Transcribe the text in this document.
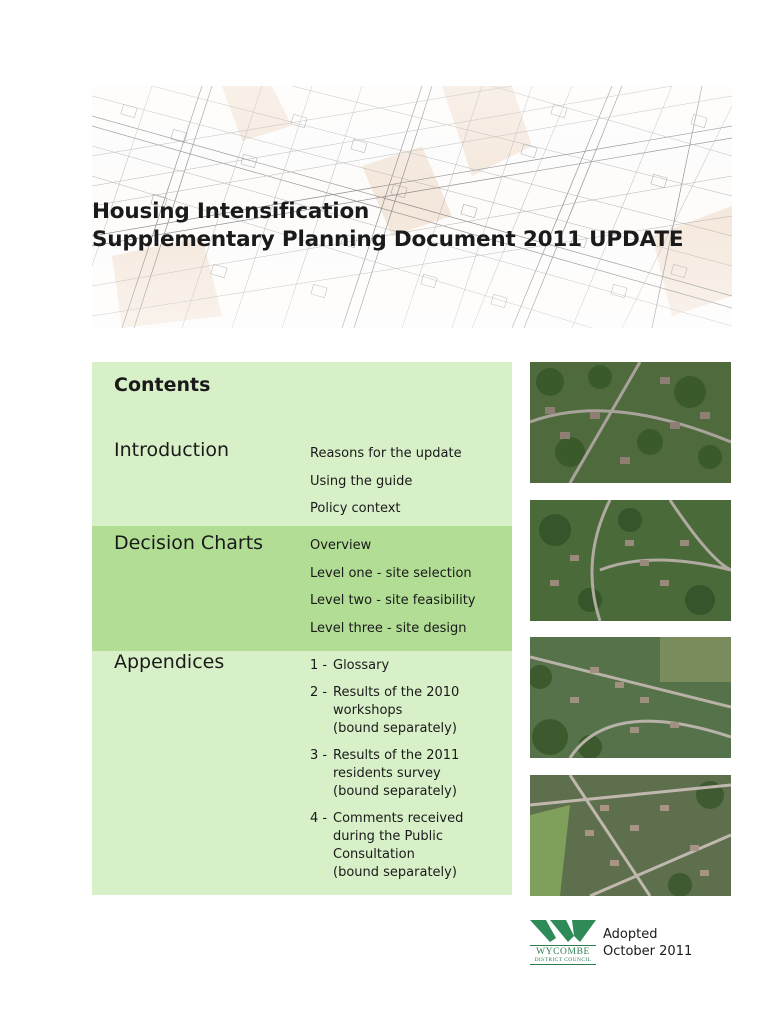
Housing Intensification
Supplementary Planning Document 2011 UPDATE
Contents
Introduction	Reasons for the update
Using the guide
Policy context
Decision Charts	Overview
Level one - site selection
Level two - site feasibility
Level three - site design
Appendices	1 - Glossary
2 - Results of the 2010
workshops
(bound separately)
3 - Results of the 2011
residents survey
(bound separately)
4 - Comments received
during the Public
Consultation
(bound separately)
WYCOMBE
DISTRICT COUNCIL
Adopted
October 2011
